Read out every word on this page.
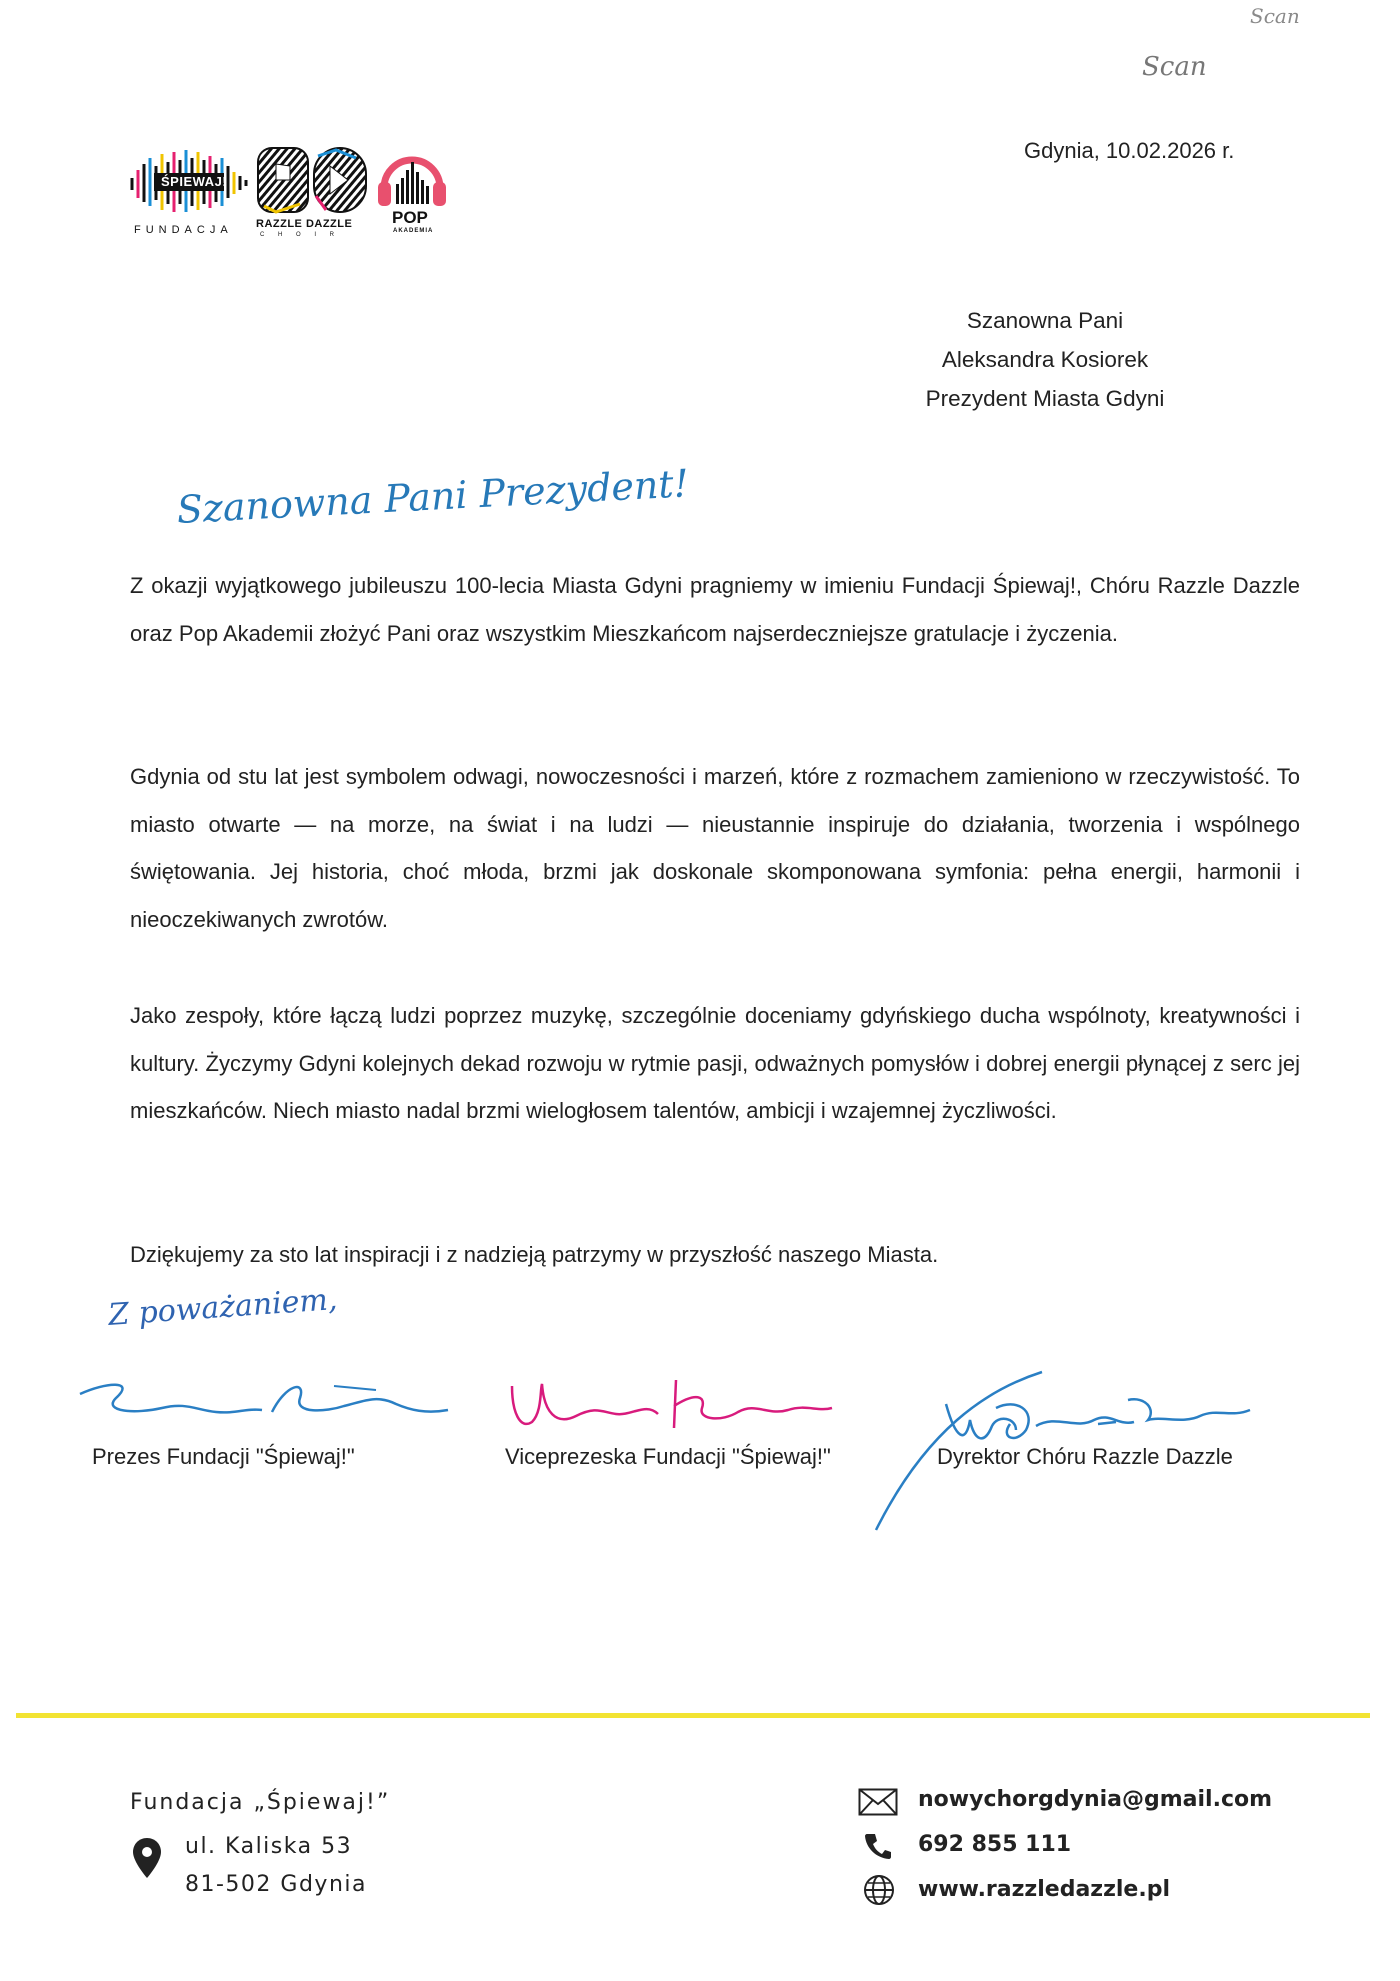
Scan
Scan
ŚPIEWAJ!
FUNDACJA RAZZLE DAZZLE
C H O I R
POP
AKADEMIA
Gdynia, 10.02.2026 r.
Szanowna Pani
Aleksandra Kosiorek
Prezydent Miasta Gdyni
Szanowna Pani Prezydent!

Z okazji wyjątkowego jubileuszu 100-lecia Miasta Gdyni pragniemy w imieniu Fundacji Śpiewaj!, Chóru Razzle Dazzle oraz Pop Akademii złożyć Pani oraz wszystkim Mieszkańcom najserdeczniejsze gratulacje i życzenia.

Gdynia od stu lat jest symbolem odwagi, nowoczesności i marzeń, które z rozmachem zamieniono w rzeczywistość. To miasto otwarte — na morze, na świat i na ludzi — nieustannie inspiruje do działania, tworzenia i wspólnego świętowania. Jej historia, choć młoda, brzmi jak doskonale skomponowana symfonia: pełna energii, harmonii i nieoczekiwanych zwrotów.

Jako zespoły, które łączą ludzi poprzez muzykę, szczególnie doceniamy gdyńskiego ducha wspólnoty, kreatywności i kultury. Życzymy Gdyni kolejnych dekad rozwoju w rytmie pasji, odważnych pomysłów i dobrej energii płynącej z serc jej mieszkańców. Niech miasto nadal brzmi wielogłosem talentów, ambicji i wzajemnej życzliwości.

Dziękujemy za sto lat inspiracji i z nadzieją patrzymy w przyszłość naszego Miasta.

Z poważaniem,
Prezes Fundacji "Śpiewaj!"	Viceprezeska Fundacji "Śpiewaj!"	Dyrektor Chóru Razzle Dazzle
Fundacja „Śpiewaj!”
ul. Kaliska 53
81-502 Gdynia
nowychorgdynia@gmail.com
692 855 111
www.razzledazzle.pl
